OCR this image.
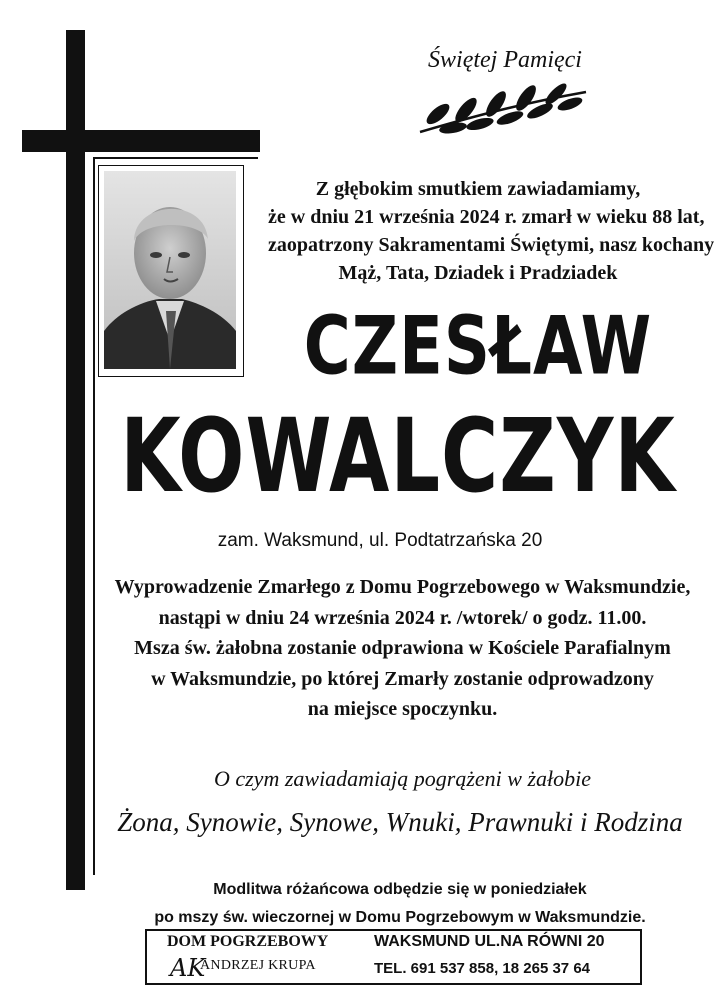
Świętej Pamięci
Z głębokim smutkiem zawiadamiamy,
że w dniu 21 września 2024 r. zmarł w wieku 88 lat,
zaopatrzony Sakramentami Świętymi, nasz kochany
Mąż, Tata, Dziadek i Pradziadek
CZESŁAW
KOWALCZYK
zam. Waksmund, ul. Podtatrzańska 20
Wyprowadzenie Zmarłego z Domu Pogrzebowego w Waksmundzie,
nastąpi w dniu 24 września 2024 r. /wtorek/ o godz. 11.00.
Msza św. żałobna zostanie odprawiona w Kościele Parafialnym
w Waksmundzie, po której Zmarły zostanie odprowadzony
na miejsce spoczynku.
O czym zawiadamiają pogrążeni w żałobie
Żona, Synowie, Synowe, Wnuki, Prawnuki i Rodzina
Modlitwa różańcowa odbędzie się w poniedziałek
po mszy św. wieczornej w Domu Pogrzebowym w Waksmundzie.
DOM POGRZEBOWY
AK
ANDRZEJ KRUPA
WAKSMUND UL.NA RÓWNI 20
TEL. 691 537 858, 18 265 37 64
